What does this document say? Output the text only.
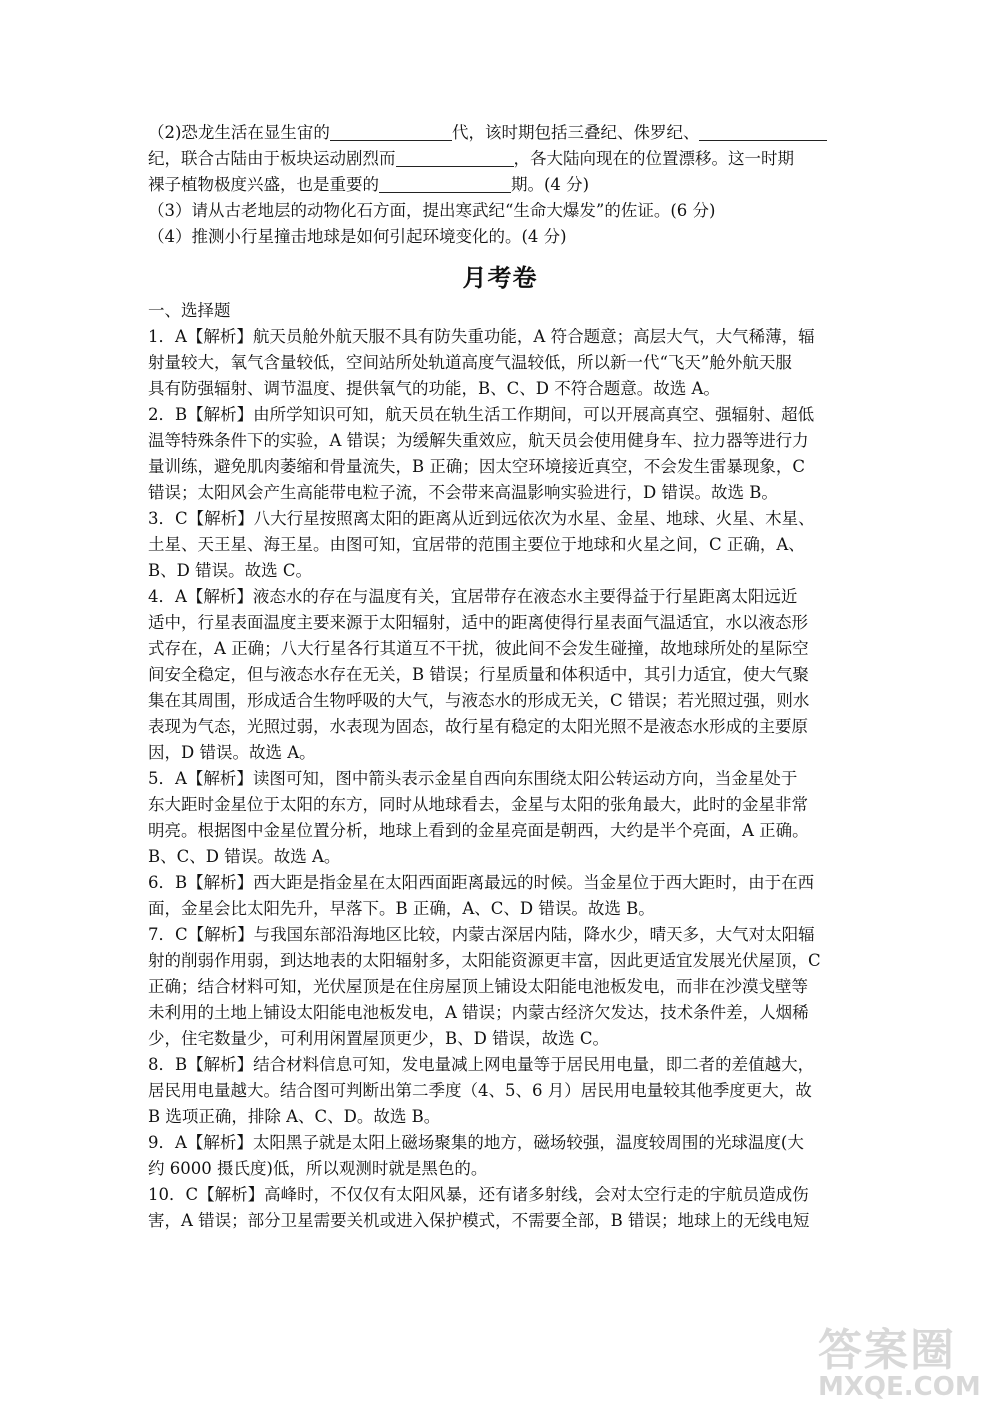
（2)恐龙生活在显生宙的	代，该时期包括三叠纪、侏罗纪、
纪，联合古陆由于板块运动剧烈而	，各大陆向现在的位置漂移。这一时期
裸子植物极度兴盛，也是重要的	期。(4 分)
（3）请从古老地层的动物化石方面，提出寒武纪“生命大爆发”的佐证。(6 分)
（4）推测小行星撞击地球是如何引起环境变化的。(4 分)
月考卷
一、选择题
1．A【解析】航天员舱外航天服不具有防失重功能，A 符合题意；高层大气，大气稀薄，辐
射量较大，氧气含量较低，空间站所处轨道高度气温较低，所以新一代“飞天”舱外航天服
具有防强辐射、调节温度、提供氧气的功能，B、C、D 不符合题意。故选 A。
2．B【解析】由所学知识可知，航天员在轨生活工作期间，可以开展高真空、强辐射、超低
温等特殊条件下的实验，A 错误；为缓解失重效应，航天员会使用健身车、拉力器等进行力
量训练，避免肌肉萎缩和骨量流失，B 正确；因太空环境接近真空，不会发生雷暴现象，C
错误；太阳风会产生高能带电粒子流，不会带来高温影响实验进行，D 错误。故选 B。
3．C【解析】八大行星按照离太阳的距离从近到远依次为水星、金星、地球、火星、木星、
土星、天王星、海王星。由图可知，宜居带的范围主要位于地球和火星之间，C 正确，A、
B、D 错误。故选 C。
4．A【解析】液态水的存在与温度有关，宜居带存在液态水主要得益于行星距离太阳远近
适中，行星表面温度主要来源于太阳辐射，适中的距离使得行星表面气温适宜，水以液态形
式存在，A 正确；八大行星各行其道互不干扰，彼此间不会发生碰撞，故地球所处的星际空
间安全稳定，但与液态水存在无关，B 错误；行星质量和体积适中，其引力适宜，使大气聚
集在其周围，形成适合生物呼吸的大气，与液态水的形成无关，C 错误；若光照过强，则水
表现为气态，光照过弱，水表现为固态，故行星有稳定的太阳光照不是液态水形成的主要原
因，D 错误。故选 A。
5．A【解析】读图可知，图中箭头表示金星自西向东围绕太阳公转运动方向，当金星处于
东大距时金星位于太阳的东方，同时从地球看去，金星与太阳的张角最大，此时的金星非常
明亮。根据图中金星位置分析，地球上看到的金星亮面是朝西，大约是半个亮面，A 正确。
B、C、D 错误。故选 A。
6．B【解析】西大距是指金星在太阳西面距离最远的时候。当金星位于西大距时，由于在西
面，金星会比太阳先升，早落下。B 正确，A、C、D 错误。故选 B。
7．C【解析】与我国东部沿海地区比较，内蒙古深居内陆，降水少，晴天多，大气对太阳辐
射的削弱作用弱，到达地表的太阳辐射多，太阳能资源更丰富，因此更适宜发展光伏屋顶，C
正确；结合材料可知，光伏屋顶是在住房屋顶上铺设太阳能电池板发电，而非在沙漠戈壁等
未利用的土地上铺设太阳能电池板发电，A 错误；内蒙古经济欠发达，技术条件差，人烟稀
少，住宅数量少，可利用闲置屋顶更少，B、D 错误，故选 C。
8．B【解析】结合材料信息可知，发电量减上网电量等于居民用电量，即二者的差值越大，
居民用电量越大。结合图可判断出第二季度（4、5、6 月）居民用电量较其他季度更大，故
B 选项正确，排除 A、C、D。故选 B。
9．A【解析】太阳黑子就是太阳上磁场聚集的地方，磁场较强，温度较周围的光球温度(大
约 6000 摄氏度)低，所以观测时就是黑色的。
10．C【解析】高峰时，不仅仅有太阳风暴，还有诸多射线，会对太空行走的宇航员造成伤
害，A 错误；部分卫星需要关机或进入保护模式，不需要全部，B 错误；地球上的无线电短
答案圈
MXQE.COM
